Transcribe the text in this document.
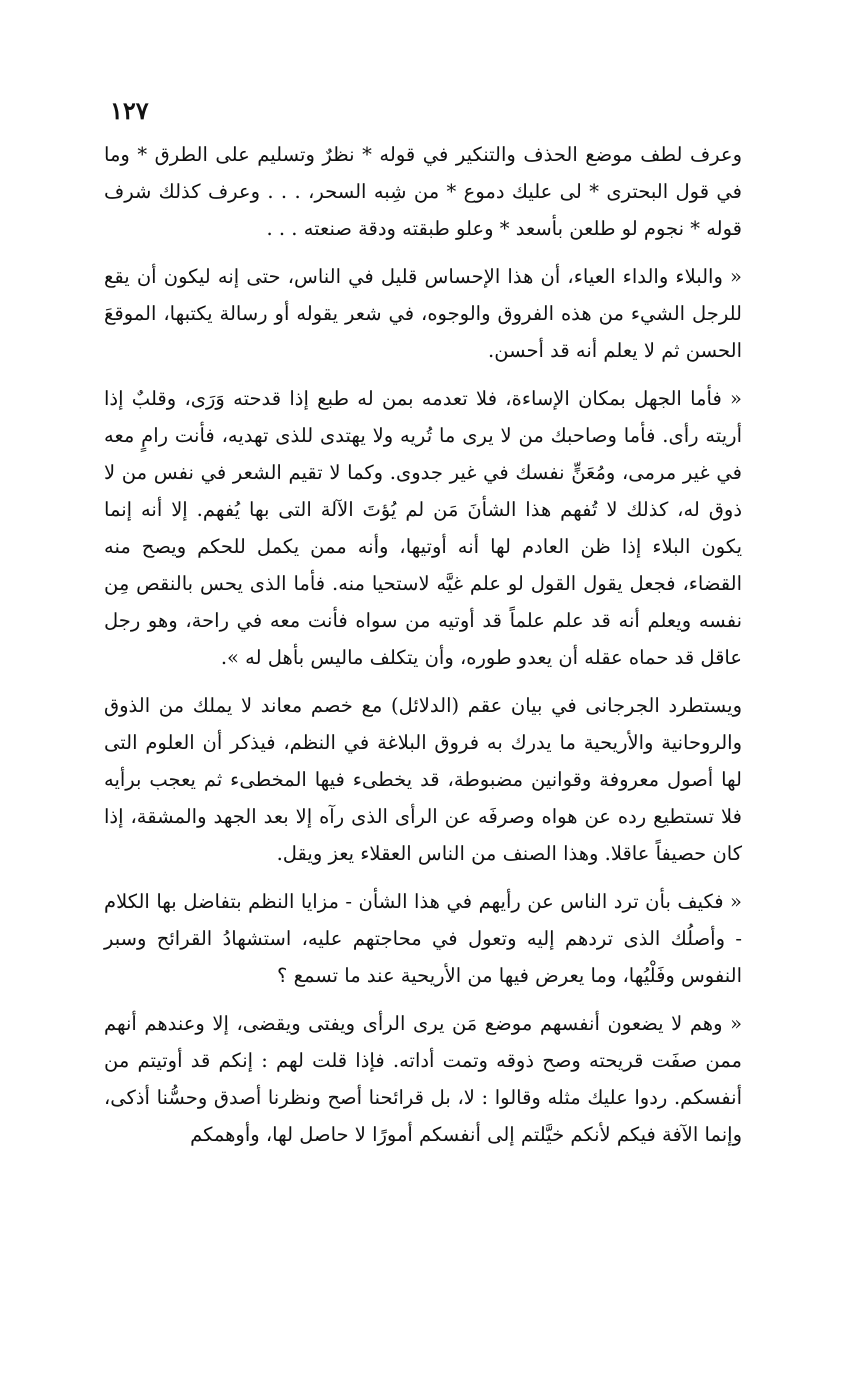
١٢٧

وعرف لطف موضع الحذف والتنكير في قوله * نظرٌ وتسليم على الطرق * وما في قول البحترى * لى عليك دموع * من شِبه السحر، . . . وعرف كذلك شرف قوله * نجوم لو طلعن بأسعد * وعلو طبقته ودقة صنعته . . .

« والبلاء والداء العياء، أن هذا الإحساس قليل في الناس، حتى إنه ليكون أن يقع للرجل الشيء من هذه الفروق والوجوه، في شعر يقوله أو رسالة يكتبها، الموقعَ الحسن ثم لا يعلم أنه قد أحسن.

« فأما الجهل بمكان الإساءة، فلا تعدمه بمن له طبع إذا قدحته وَرَى، وقلبٌ إذا أريته رأى. فأما وصاحبك من لا يرى ما تُريه ولا يهتدى للذى تهديه، فأنت رامٍ معه في غير مرمى، ومُعَنٍّ نفسك في غير جدوى. وكما لا تقيم الشعر في نفس من لا ذوق له، كذلك لا تُفهم هذا الشأنَ مَن لم يُؤتَ الآلة التى بها يُفهم. إلا أنه إنما يكون البلاء إذا ظن العادم لها أنه أوتيها، وأنه ممن يكمل للحكم ويصح منه القضاء، فجعل يقول القول لو علم غيَّه لاستحيا منه. فأما الذى يحس بالنقص مِن نفسه ويعلم أنه قد علم علماً قد أوتيه من سواه فأنت معه في راحة، وهو رجل عاقل قد حماه عقله أن يعدو طوره، وأن يتكلف ماليس بأهل له ».

ويستطرد الجرجانى في بيان عقم (الدلائل) مع خصم معاند لا يملك من الذوق والروحانية والأريحية ما يدرك به فروق البلاغة في النظم، فيذكر أن العلوم التى لها أصول معروفة وقوانين مضبوطة، قد يخطىء فيها المخطىء ثم يعجب برأيه فلا تستطيع رده عن هواه وصرفَه عن الرأى الذى رآه إلا بعد الجهد والمشقة، إذا كان حصيفاً عاقلا. وهذا الصنف من الناس العقلاء يعز ويقل.

« فكيف بأن ترد الناس عن رأيهم في هذا الشأن - مزايا النظم بتفاضل بها الكلام - وأصلُك الذى تردهم إليه وتعول في محاجتهم عليه، استشهادُ القرائح وسبر النفوس وفَلْيُها، وما يعرض فيها من الأريحية عند ما تسمع ؟

« وهم لا يضعون أنفسهم موضع مَن يرى الرأى ويفتى ويقضى، إلا وعندهم أنهم ممن صفَت قريحته وصح ذوقه وتمت أداته. فإذا قلت لهم : إنكم قد أوتيتم من أنفسكم. ردوا عليك مثله وقالوا : لا، بل قرائحنا أصح ونظرنا أصدق وحسُّنا أذكى، وإنما الآفة فيكم لأنكم خيَّلتم إلى أنفسكم أمورًا لا حاصل لها، وأوهمكم
